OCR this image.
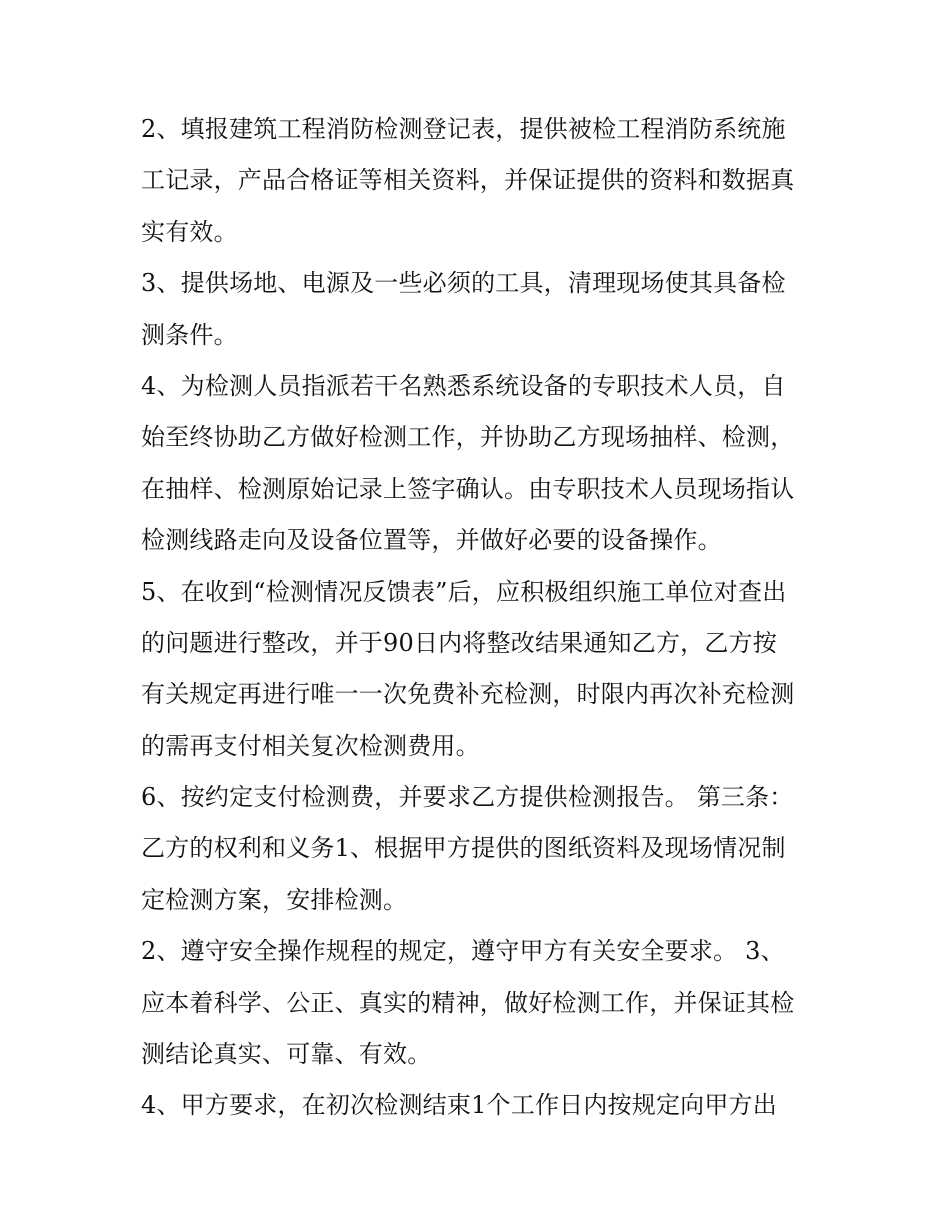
2、填报建筑工程消防检测登记表，提供被检工程消防系统施
工记录，产品合格证等相关资料，并保证提供的资料和数据真
实有效。
3、提供场地、电源及一些必须的工具，清理现场使其具备检
测条件。
4、为检测人员指派若干名熟悉系统设备的专职技术人员，自
始至终协助乙方做好检测工作，并协助乙方现场抽样、检测，
在抽样、检测原始记录上签字确认。由专职技术人员现场指认
检测线路走向及设备位置等，并做好必要的设备操作。
5、在收到“检测情况反馈表”后，应积极组织施工单位对查出
的问题进行整改，并于90日内将整改结果通知乙方，乙方按
有关规定再进行唯一一次免费补充检测，时限内再次补充检测
的需再支付相关复次检测费用。
6、按约定支付检测费，并要求乙方提供检测报告。 第三条：
乙方的权利和义务1、根据甲方提供的图纸资料及现场情况制
定检测方案，安排检测。
2、遵守安全操作规程的规定，遵守甲方有关安全要求。 3、
应本着科学、公正、真实的精神，做好检测工作，并保证其检
测结论真实、可靠、有效。
4、甲方要求，在初次检测结束1个工作日内按规定向甲方出
